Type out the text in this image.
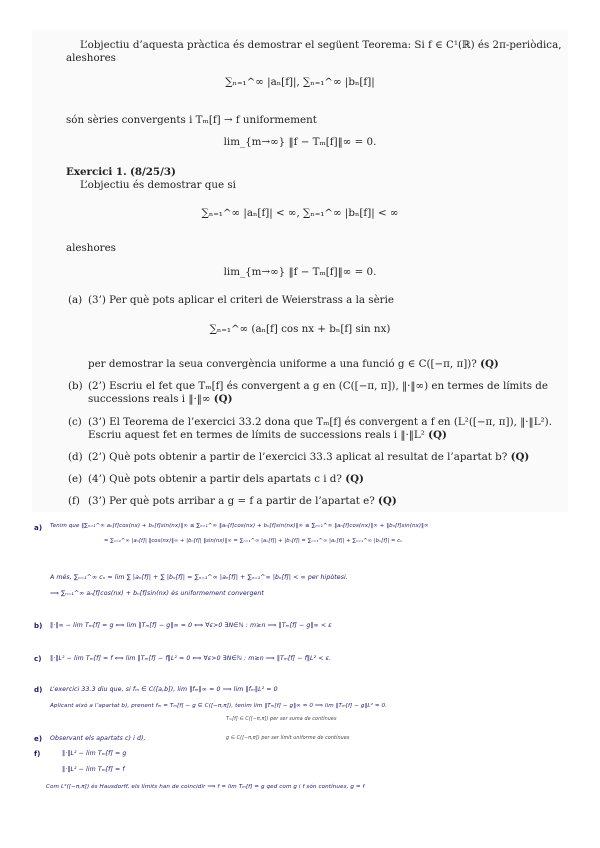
L’objectiu d’aquesta pràctica és demostrar el següent Teorema: Si f ∈ C¹(ℝ) és 2π-periòdica,
aleshores
∑ₙ₌₁^∞ |aₙ[f]|, ∑ₙ₌₁^∞ |bₙ[f]|
són sèries convergents i Tₘ[f] → f uniformement
lim_{m→∞} ‖f − Tₘ[f]‖∞ = 0.
Exercici 1. (8/25/3)
L’objectiu és demostrar que si
∑ₙ₌₁^∞ |aₙ[f]| < ∞, ∑ₙ₌₁^∞ |bₙ[f]| < ∞
aleshores
lim_{m→∞} ‖f − Tₘ[f]‖∞ = 0.
(a) (3’) Per què pots aplicar el criteri de Weierstrass a la sèrie
∑ₙ₌₁^∞ (aₙ[f] cos nx + bₙ[f] sin nx)
per demostrar la seua convergència uniforme a una funció g ∈ C([−π, π])? (Q)
(b) (2’) Escriu el fet que Tₘ[f] és convergent a g en (C([−π, π]), ‖·‖∞) en termes de límits de
successions reals i ‖·‖∞ (Q)
(c) (3’) El Teorema de l’exercici 33.2 dona que Tₘ[f] és convergent a f en (L²([−π, π]), ‖·‖L²).
Escriu aquest fet en termes de límits de successions reals i ‖·‖L² (Q)
(d) (2’) Què pots obtenir a partir de l’exercici 33.3 aplicat al resultat de l’apartat b? (Q)
(e) (4’) Què pots obtenir a partir dels apartats c i d? (Q)
(f) (3’) Per què pots arribar a g = f a partir de l’apartat e? (Q)
a) Tenim que ‖∑ₙ₌₁^∞ aₙ[f]cos(nx) + bₙ[f]sin(nx)‖∞ ≤ ∑ₙ₌₁^∞ ‖aₙ[f]cos(nx) + bₙ[f]sin(nx)‖∞ ≤ ∑ₙ₌₁^∞ ‖aₙ[f]cos(nx)‖∞ + ‖bₙ[f]sin(nx)‖∞
= ∑ₙ₌₁^∞ |aₙ[f]| ‖cos(nx)‖∞ + |bₙ[f]| ‖sin(nx)‖∞ = ∑ₙ₌₁^∞ |aₙ[f]| + |bₙ[f]| = ∑ₙ₌₁^∞ |aₙ[f]| + ∑ₙ₌₁^∞ |bₙ[f]| = cₙ
A més, ∑ₙ₌₁^∞ cₙ = lim ∑ |aₙ[f]| + ∑ |bₙ[f]| = ∑ₙ₌₁^∞ |aₙ[f]| + ∑ₙ₌₁^∞ |bₙ[f]| < ∞ per hipòtesi.
⟹ ∑ₙ₌₁^∞ aₙ[f]cos(nx) + bₙ[f]sin(nx) és uniformement convergent
b) ‖·‖∞ − lim Tₘ[f] = g ⟺ lim ‖Tₘ[f] − g‖∞ = 0 ⟺ ∀ε>0 ∃N∈ℕ : m≥n ⟹ ‖Tₘ[f] − g‖∞ < ε
c) ‖·‖L² − lim Tₘ[f] = f ⟺ lim ‖Tₘ[f] − f‖L² = 0 ⟺ ∀ε>0 ∃N∈ℕ : m≥n ⟹ ‖Tₘ[f] − f‖L² < ε.
d) L’exercici 33.3 diu que, si fₘ ∈ C([a,b]), lim ‖fₘ‖∞ = 0 ⟹ lim ‖fₘ‖L² = 0
Aplicant això a l’apartat b), prenent fₘ = Tₘ[f] − g ∈ C([−π,π]), tenim lim ‖Tₘ[f] − g‖∞ = 0 ⟹ lim ‖Tₘ[f] − g‖L² = 0.
Tₘ[f] ∈ C([−π,π]) per ser suma de contínues
g ∈ C([−π,π]) per ser límit uniforme de contínues
e) Observant els apartats c) i d),
f)	‖·‖L² − lim Tₘ[f] = g
‖·‖L² − lim Tₘ[f] = f
Com L²([−π,π]) és Hausdorff, els límits han de coincidir ⟹ f = lim Tₘ[f] = g qed com g i f són contínues, g = f
